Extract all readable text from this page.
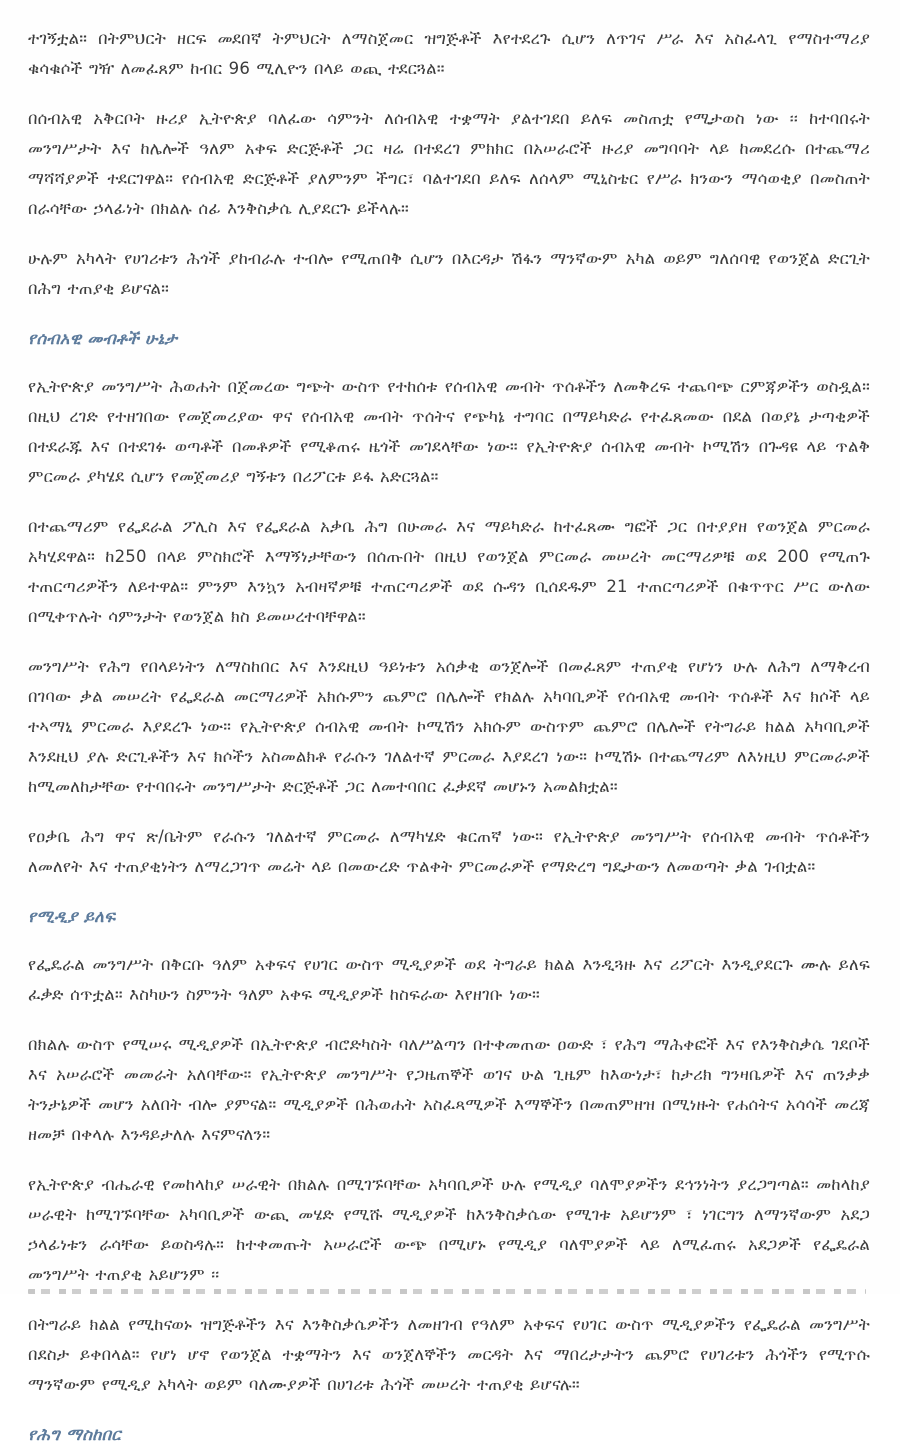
ተገኝቷል። በትምህርት ዘርፍ መደበኛ ትምህርት ለማስጀመር ዝግጅቶች እየተደረጉ ሲሆን ለጥገና ሥራ እና አስፈላጊ የማስተማሪያ ቁሳቁሶች ግዥ ለመፈጸም ከብር 96 ሚሊዮን በላይ ወጪ ተደርጓል።

በሰብአዊ አቅርቦት ዙሪያ ኢትዮጵያ ባለፈው ሳምንት ለሰብአዊ ተቋማት ያልተገደበ ይለፍ መስጠቷ የሚታወስ ነው ፡፡ ከተባበሩት መንግሥታት እና ከሌሎች ዓለም አቀፍ ድርጅቶች ጋር ዛሬ በተደረገ ምክክር በአሠራሮች ዙሪያ መግባባት ላይ ከመደረሱ በተጨማሪ ማሻሻያዎች ተደርገዋል። የሰብአዊ ድርጅቶች ያለምንም ችግር፣ ባልተገደበ ይለፍ ለሰላም ሚኒስቴር የሥራ ክንውን ማሳወቂያ በመስጠት በራሳቸው ኃላፊነት በክልሉ ሰፊ እንቅስቃሴ ሊያደርጉ ይችላሉ።

ሁሉም አካላት የሀገሪቱን ሕጎች ያከብራሉ ተብሎ የሚጠበቅ ሲሆን በእርዳታ ሽፋን ማንኛውም አካል ወይም ግለሰባዊ የወንጀል ድርጊት በሕግ ተጠያቂ ይሆናል።

የሰብአዊ መብቶች ሁኔታ

የኢትዮጵያ መንግሥት ሕወሐት በጀመረው ግጭት ውስጥ የተከሰቱ የሰብአዊ መብት ጥሰቶችን ለመቅረፍ ተጨባጭ ርምጃዎችን ወስዷል። በዚህ ረገድ የተዘገበው የመጀመሪያው ዋና የሰብአዊ መብት ጥሰትና የጭካኔ ተግባር በማይካድራ የተፈጸመው በደል በወያኔ ታጣቂዎች በተደራጁ እና በተደገፉ ወጣቶች በመቶዎች የሚቆጠሩ ዜጎች መገደላቸው ነው። የኢትዮጵያ ሰብአዊ መብት ኮሚሽን በጉዳዩ ላይ ጥልቅ ምርመራ ያካሄደ ሲሆን የመጀመሪያ ግኝቱን በሪፖርቱ ይፋ አድርጓል።

በተጨማሪም የፌደራል ፖሊስ እና የፌደራል አቃቤ ሕግ በሁመራ እና ማይካድራ ከተፈጸሙ ግፎች ጋር በተያያዘ የወንጀል ምርመራ አካሂደዋል። ከ250 በላይ ምስክሮች እማኝነታቸውን በሰጡበት በዚህ የወንጀል ምርመራ መሠረት መርማሪዎቹ ወደ 200 የሚጠጉ ተጠርጣሪዎችን ለይተዋል። ምንም እንኳን አብዛኛዎቹ ተጠርጣሪዎች ወደ ሱዳን ቢሰደዱም 21 ተጠርጣሪዎች በቁጥጥር ሥር ውለው በሚቀጥሉት ሳምንታት የወንጀል ክስ ይመሠረተባቸዋል።

መንግሥት የሕግ የበላይነትን ለማስከበር እና እንደዚህ ዓይነቱን አሰቃቂ ወንጀሎች በመፈጸም ተጠያቂ የሆነን ሁሉ ለሕግ ለማቅረብ በገባው ቃል መሠረት የፌደራል መርማሪዎች አክሱምን ጨምሮ በሌሎች የክልሉ አካባቢዎች የሰብአዊ መብት ጥሰቶች እና ክሶች ላይ ተኣማኒ ምርመራ እያደረጉ ነው። የኢትዮጵያ ሰብአዊ መብት ኮሚሽን አክሱም ውስጥም ጨምሮ በሌሎች የትግራይ ክልል አካባቢዎች እንደዚህ ያሉ ድርጊቶችን እና ክሶችን አስመልክቶ የራሱን ገለልተኛ ምርመራ እያደረገ ነው። ኮሚሽኑ በተጨማሪም ለእነዚህ ምርመራዎች ከሚመለከታቸው የተባበሩት መንግሥታት ድርጅቶች ጋር ለመተባበር ፈቃደኛ መሆኑን አመልክቷል።

የዐቃቤ ሕግ ዋና ጽ/ቤትም የራሱን ገለልተኛ ምርመራ ለማካሄድ ቁርጠኛ ነው። የኢትዮጵያ መንግሥት የሰብአዊ መብት ጥሰቶችን ለመለየት እና ተጠያቂነትን ለማረጋገጥ መሬት ላይ በመውረድ ጥልቀት ምርመራዎች የማድረግ ግዴታውን ለመወጣት ቃል ገብቷል።

የሚዲያ ይለፍ

የፌዴራል መንግሥት በቅርቡ ዓለም አቀፍና የሀገር ውስጥ ሚዲያዎች ወደ ትግራይ ክልል እንዲጓዙ እና ሪፖርት እንዲያደርጉ ሙሉ ይለፍ ፈቃድ ሰጥቷል። እስካሁን ስምንት ዓለም አቀፍ ሚዲያዎች ከስፍራው እየዘገቡ ነው።

በክልሉ ውስጥ የሚሠሩ ሚዲያዎች በኢትዮጵያ ብሮድካስት ባለሥልጣን በተቀመጠው ዐውድ ፣ የሕግ ማሕቀፎች እና የእንቅስቃሴ ገደቦች እና አሠራሮች መመራት አለባቸው። የኢትዮጵያ መንግሥት የጋዜጠኞች ወገና ሁል ጊዜም ከእውነታ፣ ከታሪክ ግንዛቤዎች እና ጠንቃቃ ትንታኔዎች መሆን አለበት ብሎ ያምናል። ሚዲያዎች በሕወሐት አስፈጻሚዎች እማኞችን በመጠምዘዝ በሚነዙት የሐሰትና አሳሳች መረጃ ዘመቻ በቀላሉ እንዳይታለሉ እናምናለን።

የኢትዮጵያ ብሔራዊ የመከላከያ ሠራዊት በክልሉ በሚገኙባቸው አካባቢዎች ሁሉ የሚዲያ ባለሞያዎችን ደኅንነትን ያረጋግጣል። መከላከያ ሠራዊት ከሚገኙባቸው አካባቢዎች ውጪ መሄድ የሚሹ ሚዲያዎች ከእንቅስቃሴው የሚገቱ አይሆንም ፣ ነገርግን ለማንኛውም አደጋ ኃላፊነቱን ራሳቸው ይወስዳሉ። ከተቀመጡት አሠራሮች ውጭ በሚሆኑ የሚዲያ ባለሞያዎች ላይ ለሚፈጠሩ አደጋዎች የፌዴራል መንግሥት ተጠያቂ አይሆንም ፡፡

በትግራይ ክልል የሚከናወኑ ዝግጅቶችን እና እንቅስቃሴዎችን ለመዘገብ የዓለም አቀፍና የሀገር ውስጥ ሚዲያዎችን የፌዴራል መንግሥት በደስታ ይቀበላል። የሆነ ሆኖ የወንጀል ተቋማትን እና ወንጀለኞችን መርዳት እና ማበረታታትን ጨምሮ የሀገሪቱን ሕጎችን የሚጥሱ ማንኛውም የሚዲያ አካላት ወይም ባለሙያዎች በሀገሪቱ ሕጎች መሠረት ተጠያቂ ይሆናሉ።

የሕግ ማስከበር
